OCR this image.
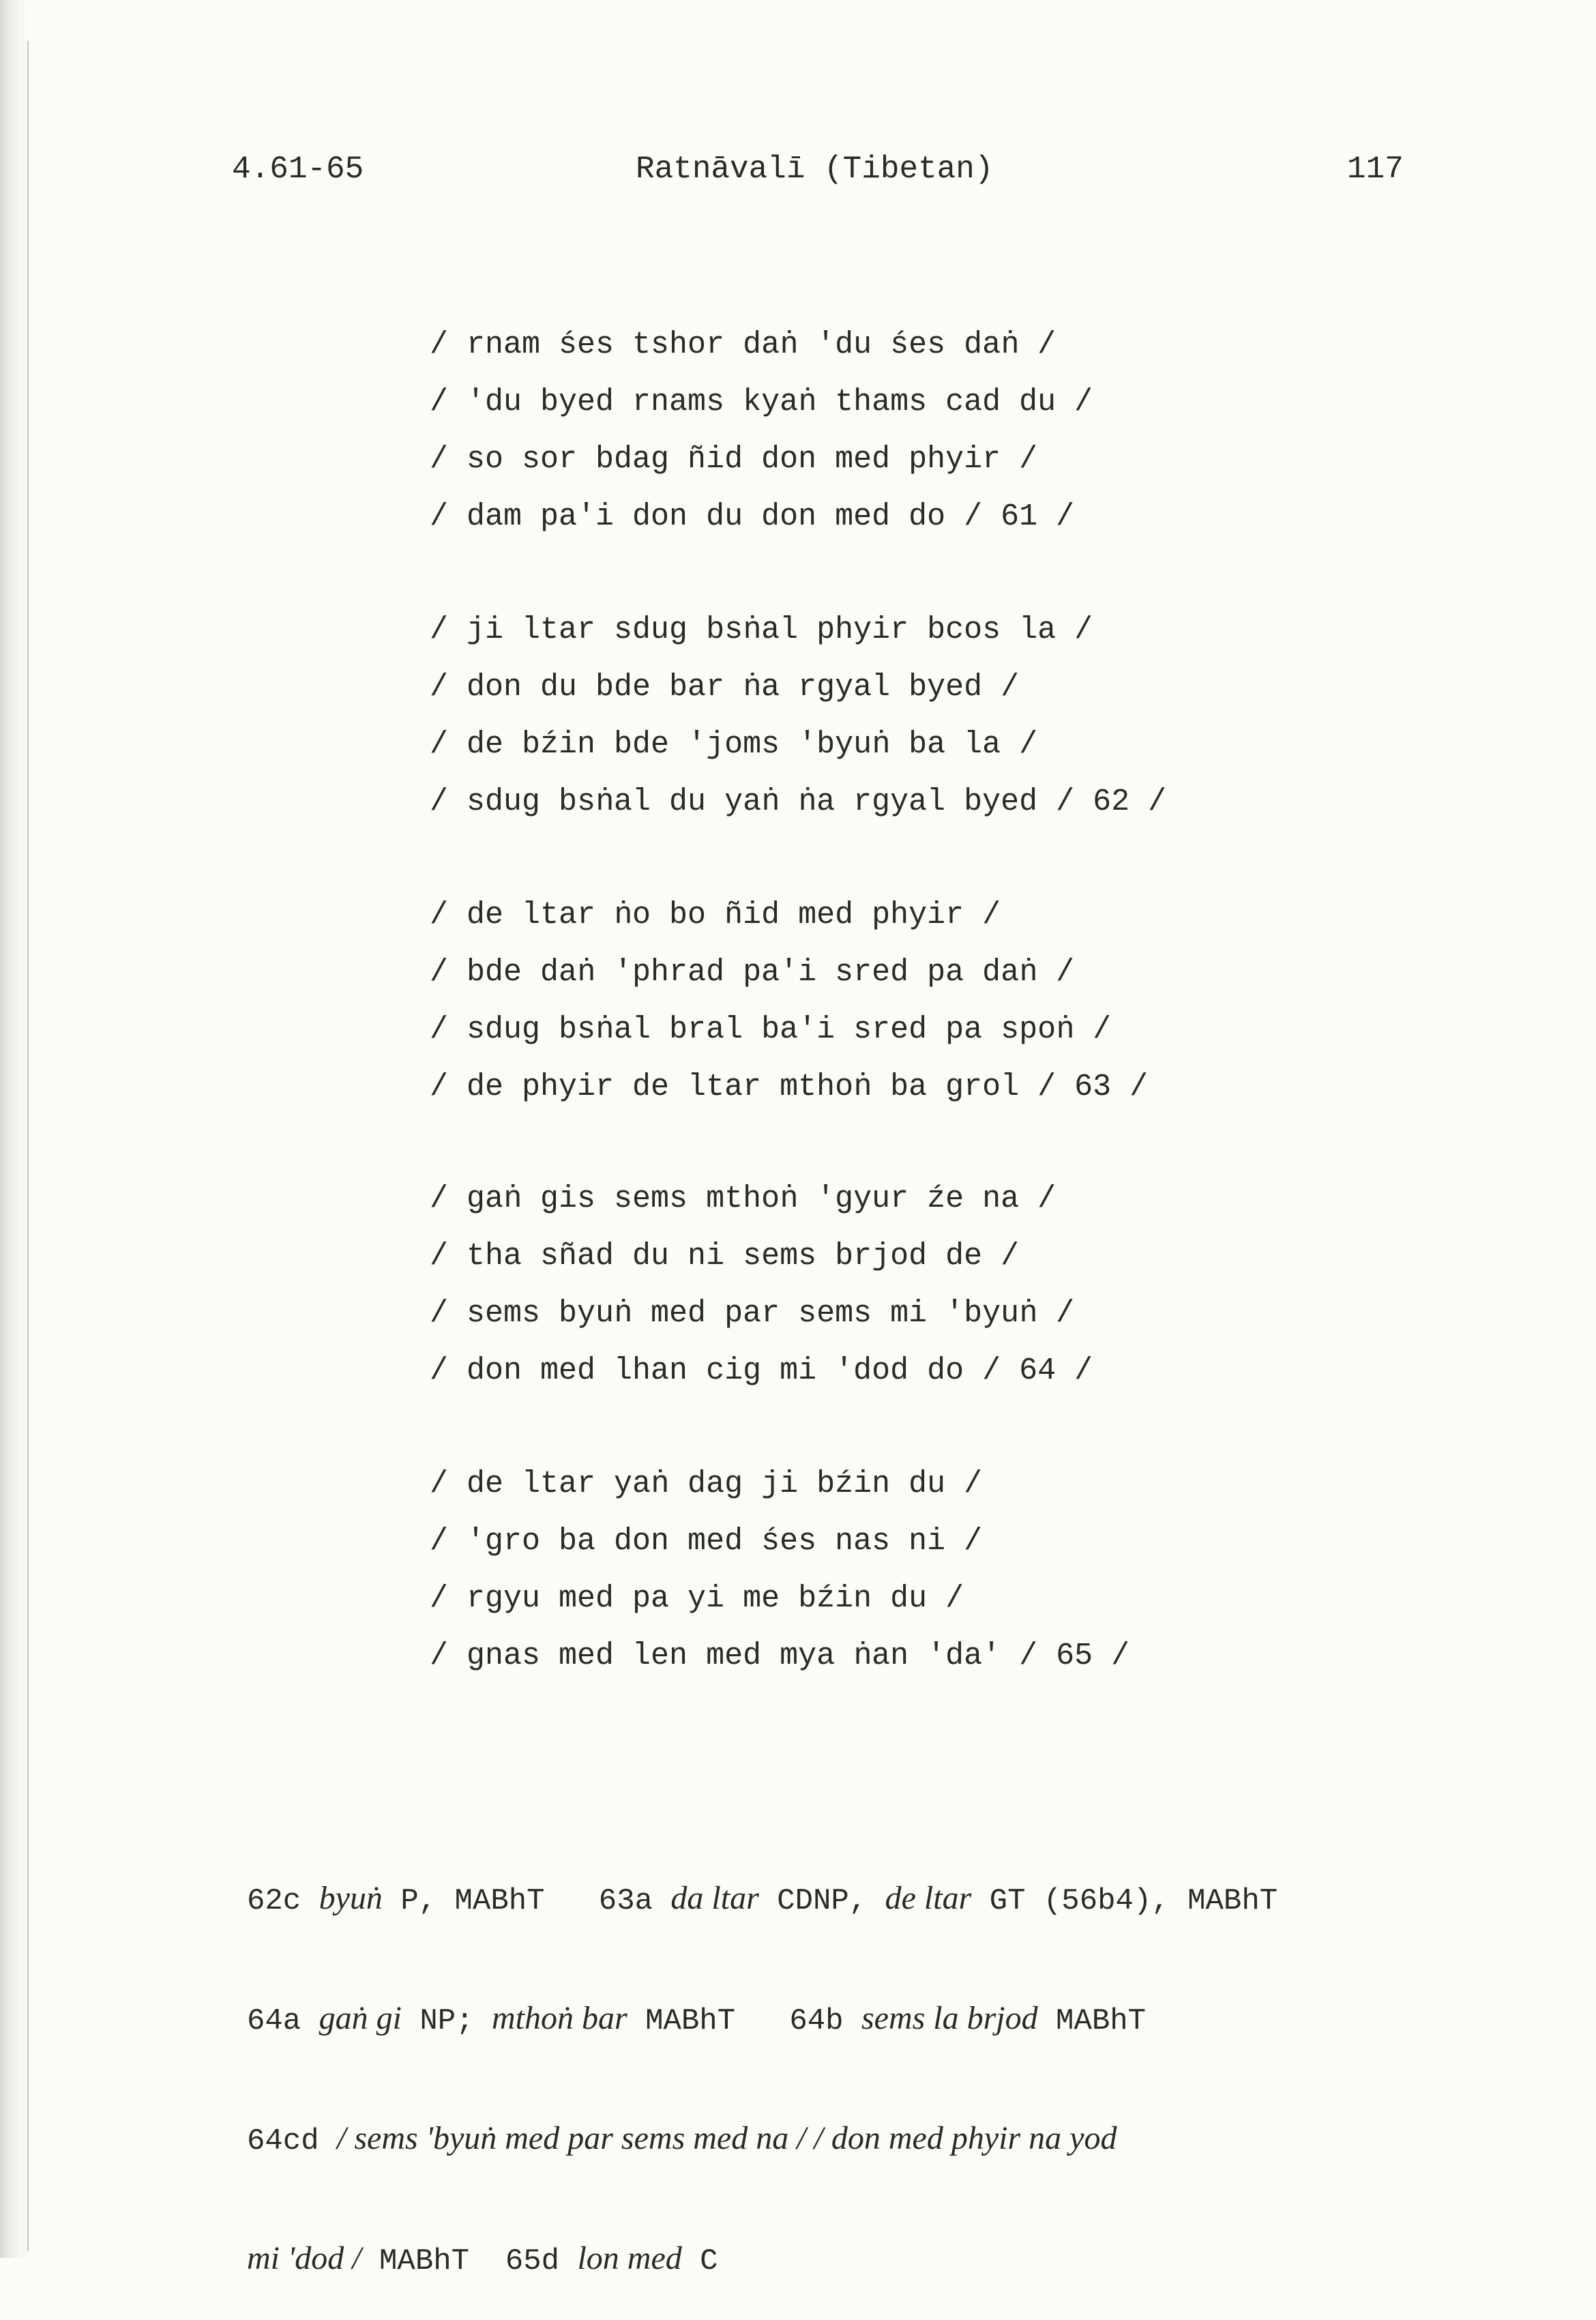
4.61-65	Ratnāvalī (Tibetan)	117
/ rnam śes tshor daṅ 'du śes daṅ /
/ 'du byed rnams kyaṅ thams cad du /
/ so sor bdag ñid don med phyir /
/ dam pa'i don du don med do / 61 /
/ ji ltar sdug bsṅal phyir bcos la /
/ don du bde bar ṅa rgyal byed /
/ de bźin bde 'joms 'byuṅ ba la /
/ sdug bsṅal du yaṅ ṅa rgyal byed / 62 /
/ de ltar ṅo bo ñid med phyir /
/ bde daṅ 'phrad pa'i sred pa daṅ /
/ sdug bsṅal bral ba'i sred pa spoṅ /
/ de phyir de ltar mthoṅ ba grol / 63 /
/ gaṅ gis sems mthoṅ 'gyur źe na /
/ tha sñad du ni sems brjod de /
/ sems byuṅ med par sems mi 'byuṅ /
/ don med lhan cig mi 'dod do / 64 /
/ de ltar yaṅ dag ji bźin du /
/ 'gro ba don med śes nas ni /
/ rgyu med pa yi me bźin du /
/ gnas med len med mya ṅan 'da' / 65 /

62c byuṅ P, MABhT   63a da ltar CDNP, de ltar GT (56b4), MABhT

64a gaṅ gi NP; mthoṅ bar MABhT   64b sems la brjod MABhT

64cd / sems 'byuṅ med par sems med na / / don med phyir na yod

mi 'dod / MABhT  65d lon med C
